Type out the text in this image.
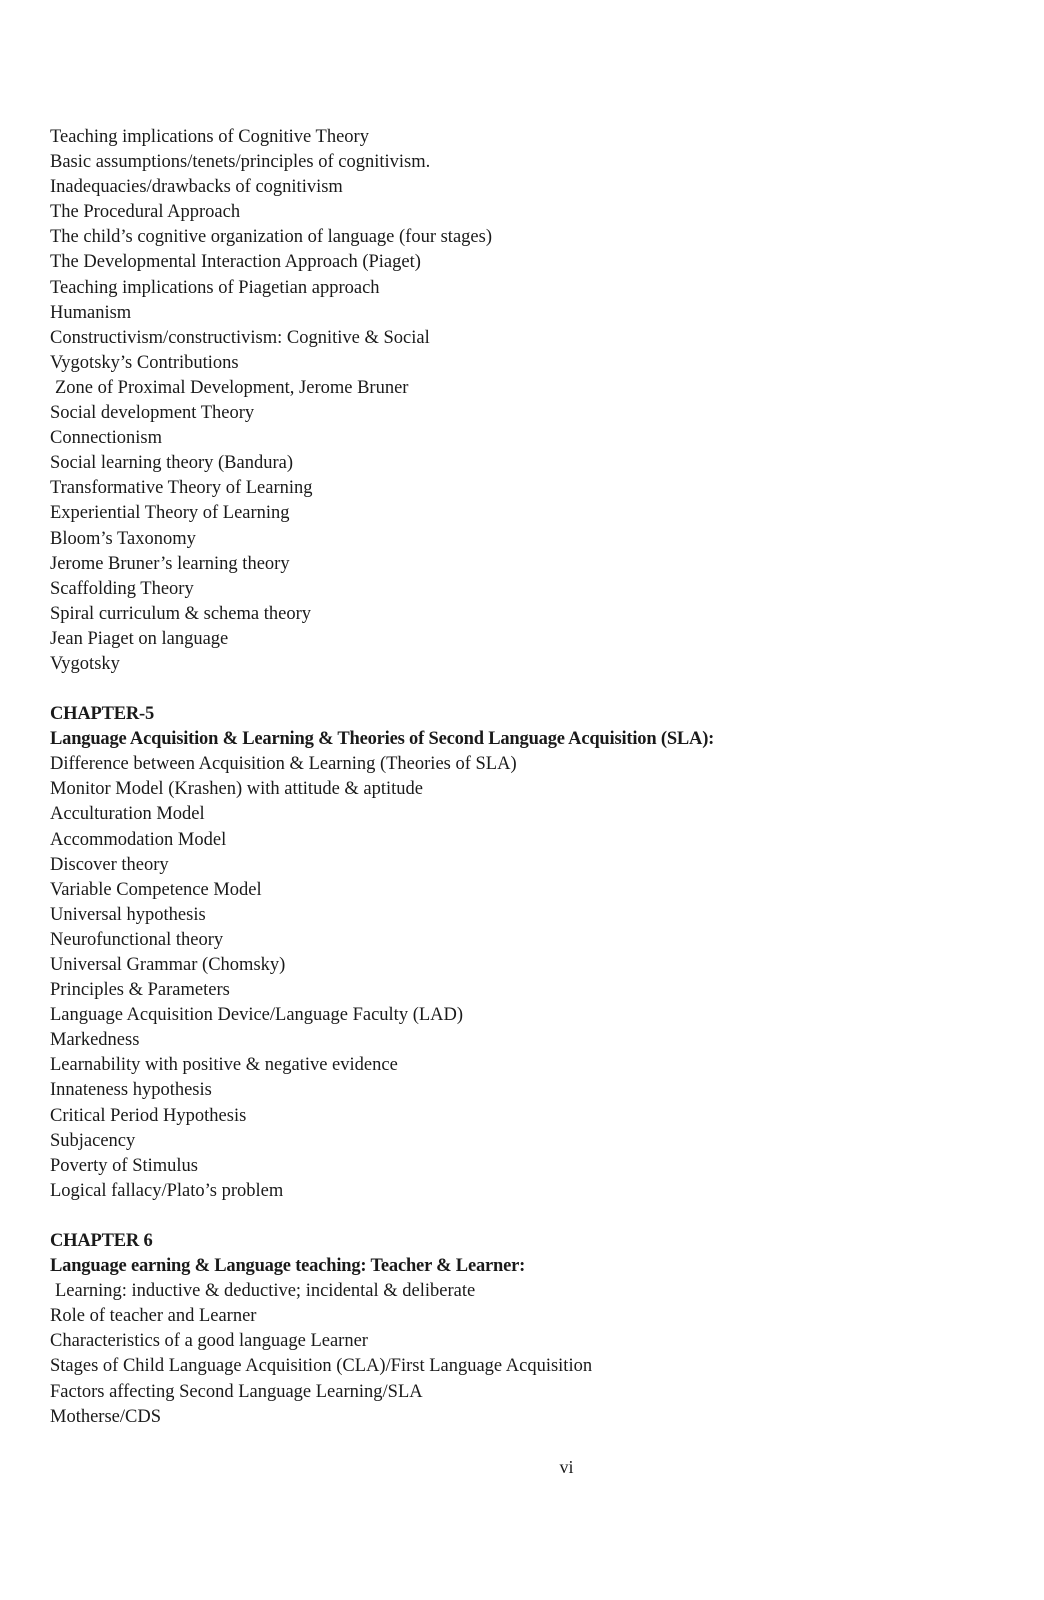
Teaching implications of Cognitive Theory
Basic assumptions/tenets/principles of cognitivism.
Inadequacies/drawbacks of cognitivism
The Procedural Approach
The child’s cognitive organization of language (four stages)
The Developmental Interaction Approach (Piaget)
Teaching implications of Piagetian approach
Humanism
Constructivism/constructivism: Cognitive & Social
Vygotsky’s Contributions
Zone of Proximal Development, Jerome Bruner
Social development Theory
Connectionism
Social learning theory (Bandura)
Transformative Theory of Learning
Experiential Theory of Learning
Bloom’s Taxonomy
Jerome Bruner’s learning theory
Scaffolding Theory
Spiral curriculum & schema theory
Jean Piaget on language
Vygotsky
CHAPTER-5
Language Acquisition & Learning & Theories of Second Language Acquisition (SLA):
Difference between Acquisition & Learning (Theories of SLA)
Monitor Model (Krashen) with attitude & aptitude
Acculturation Model
Accommodation Model
Discover theory
Variable Competence Model
Universal hypothesis
Neurofunctional theory
Universal Grammar (Chomsky)
Principles & Parameters
Language Acquisition Device/Language Faculty (LAD)
Markedness
Learnability with positive & negative evidence
Innateness hypothesis
Critical Period Hypothesis
Subjacency
Poverty of Stimulus
Logical fallacy/Plato’s problem
CHAPTER 6
Language earning & Language teaching: Teacher & Learner:
Learning: inductive & deductive; incidental & deliberate
Role of teacher and Learner
Characteristics of a good language Learner
Stages of Child Language Acquisition (CLA)/First Language Acquisition
Factors affecting Second Language Learning/SLA
Motherse/CDS
vi
